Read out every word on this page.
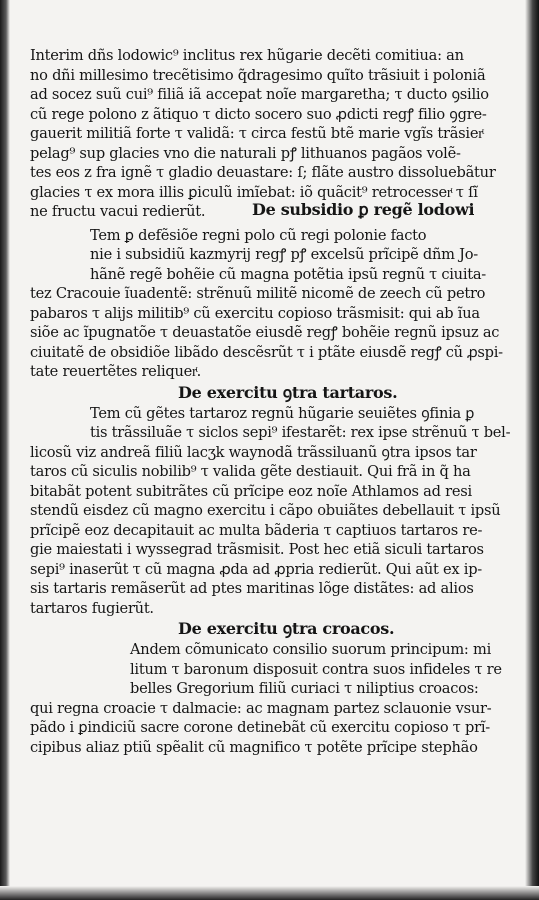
Interim dñs lodowic⁹ inclitus rex hũgarie decẽti comitiua: an
no dñi millesimo trecẽtisimo q̃dragesimo quĩto trãsiuit i poloniã
ad socez suũ cui⁹ filiã iã accepat noĩe margaretha; τ ducto ꝯsilio
cũ rege polono z ãtiquo τ dicto socero suo ꝓdicti regꝭ filio ꝯgre-
gauerit militiã forte τ validã: τ circa festũ btẽ marie vgĩs trãsierͭ
pelag⁹ sup glacies vno die naturali pꝭ lithuanos pagãos volẽ-
tes eos z fra ignẽ τ gladio deuastare: ſ; flãte austro dissoluebãtur
glacies τ ex mora illis ꝑiculũ imĩebat: iõ quãcit⁹ retrocesserͭ τ ſı̃
ne fructu vacui redierũt.	De subsidio ꝑ regẽ lodowi
Tem ꝑ defẽsiõe regni polo cũ regi polonie facto
nie i subsidiũ kazmyrij regꝭ pꝭ excelsũ prĩcipẽ dñm Jo-
hãnẽ regẽ bohẽie cũ magna potẽtia ipsũ regnũ τ ciuita-
tez Cracouie ĩuadentẽ: strẽnuũ militẽ nicomẽ de zeech cũ petro
pabaros τ alijs militib⁹ cũ exercitu copioso trãsmisit: qui ab ĩua
siõe ac ĩpugnatõe τ deuastatõe eiusdẽ regꝭ bohẽie regnũ ipsuz ac
ciuitatẽ de obsidiõe libãdo descẽsrũt τ i ptãte eiusdẽ regꝭ cũ ꝓspi-
tate reuertẽtes reliquerͭ.
De exercitu ꝯtra tartaros.
Tem cũ gẽtes tartaroz regnũ hũgarie seuiẽtes ꝯfinia ꝑ
tis trãssiluãe τ siclos sepi⁹ ifestarẽt: rex ipse strẽnuũ τ bel-
licosũ viz andreã filiũ lacʒk waynodã trãssiluanũ ꝯtra ipsos tar
taros cũ siculis nobilib⁹ τ valida gẽte destiauit. Qui frã in q̃ ha
bitabãt potent subitrãtes cũ prĩcipe eoz noĩe Athlamos ad resi
stendũ eisdez cũ magno exercitu i cãpo obuiãtes debellauit τ ipsũ
prĩcipẽ eoz decapitauit ac multa bãderia τ captiuos tartaros re-
gie maiestati i wyssegrad trãsmisit. Post hec etiã siculi tartaros
sepi⁹ inaserũt τ cũ magna ꝓda ad ꝓpria redierũt. Qui aũt ex ip-
sis tartaris remãserũt ad ptes maritinas lõge distãtes: ad alios
tartaros fugierũt.
De exercitu ꝯtra croacos.
Andem cõmunicato consilio suorum principum: mi
litum τ baronum disposuit contra suos infideles τ re
belles Gregorium filiũ curiaci τ niliptius croacos:
qui regna croacie τ dalmacie: ac magnam partez sclauonie vsur-
pãdo i ꝑindiciũ sacre corone detinebãt cũ exercitu copioso τ prĩ-
cipibus aliaz ptiũ spẽalit cũ magnifico τ potẽte prĩcipe stephão
